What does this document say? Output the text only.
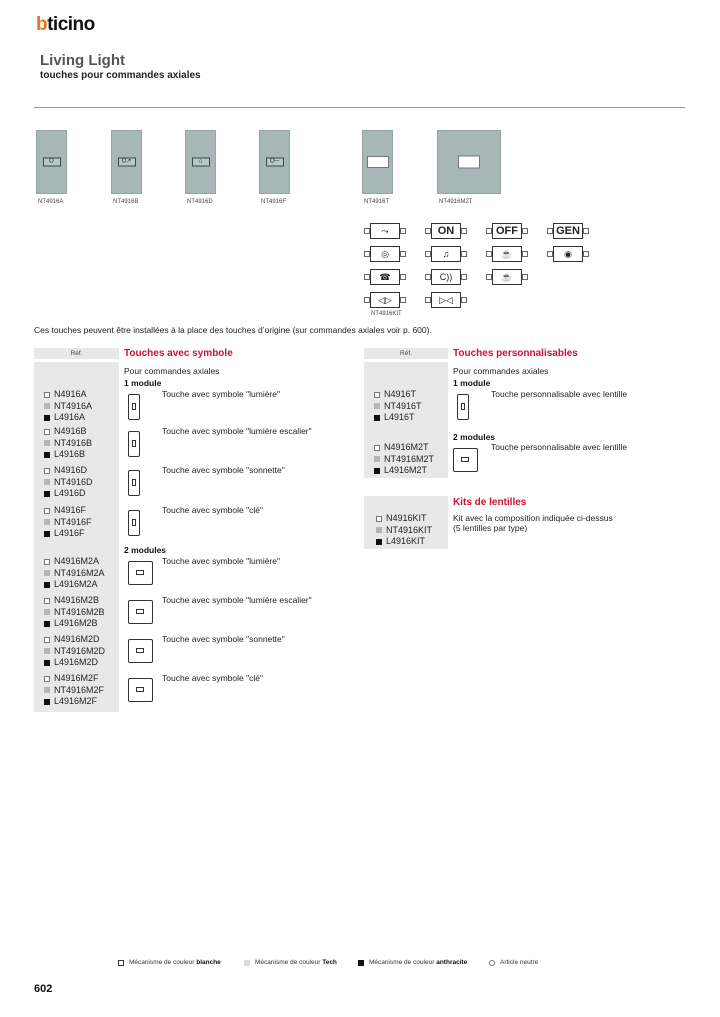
bticino
Living Light
touches pour commandes axiales
O
NT4916A
O↗
NT4916B
⌂
NT4916D
O─
NT4916F	NT4916T	NT4916M2T
⤳	ON	OFF	GEN
◎	♫	☕	◉
☎	C))	☕
◁▷	▷◁
NT4916KIT
Ces touches peuvent être installées à la place des touches d’origine (sur commandes axiales voir p. 600).
Réf.	Touches avec symbole
Pour commandes axiales
1 module
N4916A
NT4916A
L4916A
Touche avec symbole "lumière"
N4916B
NT4916B
L4916B
Touche avec symbole "lumière escalier"
N4916D
NT4916D
L4916D
Touche avec symbole "sonnette"
N4916F
NT4916F
L4916F
Touche avec symbole "clé"
2 modules
N4916M2A
NT4916M2A
L4916M2A
Touche avec symbole "lumière"
N4916M2B
NT4916M2B
L4916M2B
Touche avec symbole "lumière escalier"
N4916M2D
NT4916M2D
L4916M2D
Touche avec symbole "sonnette"
N4916M2F
NT4916M2F
L4916M2F
Touche avec symbole "clé"
Réf.	Touches personnalisables
Pour commandes axiales
1 module
N4916T
NT4916T
L4916T
Touche personnalisable avec lentille
2 modules
N4916M2T
NT4916M2T
L4916M2T
Touche personnalisable avec lentille
Kits de lentilles
N4916KIT
NT4916KIT
L4916KIT
Kit avec la composition indiquée ci-dessus
(5 lentilles par type)
Mécanisme de couleur
blanche	Mécanisme de couleur
Tech	Mécanisme de couleur
anthracite	Article neutre
602
